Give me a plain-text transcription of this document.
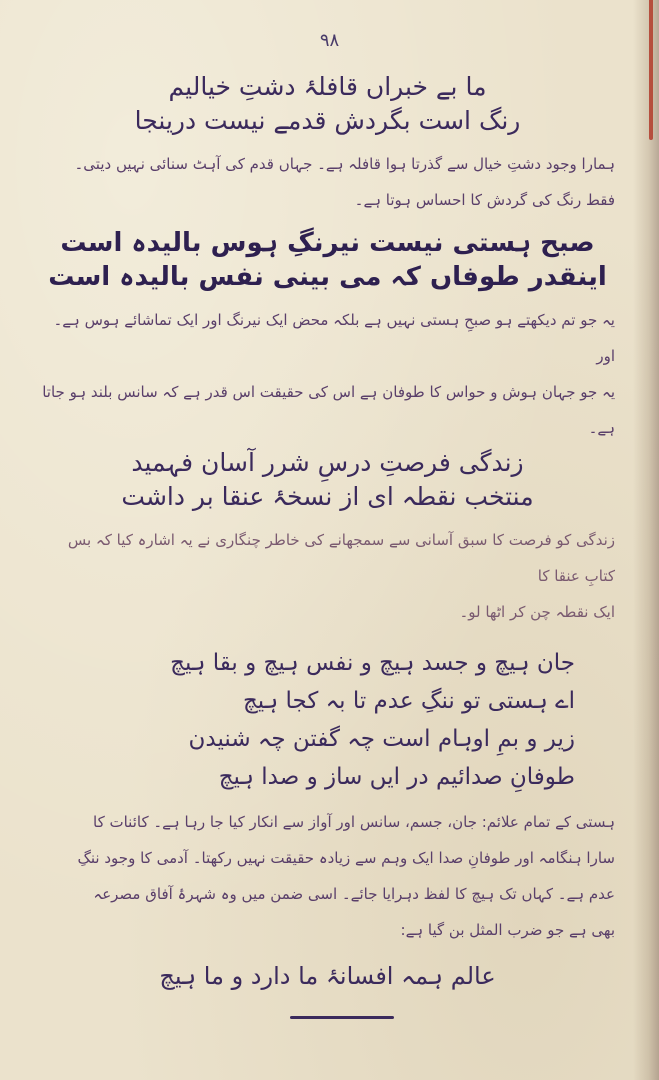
۹۸

ما بے خبراں قافلۂ دشتِ خیالیم

رنگ است بگردش قدمے نیست درینجا

ہمارا وجود دشتِ خیال سے گذرتا ہوا قافلہ ہے۔ جہاں قدم کی آہٹ سنائی نہیں دیتی۔

فقط رنگ کی گردش کا احساس ہوتا ہے۔

صبح ہستی نیست نیرنگِ ہوس بالیدہ است

اینقدر طوفاں کہ می بینی نفس بالیدہ است

یہ جو تم دیکھتے ہو صبحِ ہستی نہیں ہے بلکہ محض ایک نیرنگ اور ایک تماشائے ہوس ہے۔ اور

یہ جو جہان ہوش و حواس کا طوفان ہے اس کی حقیقت اس قدر ہے کہ سانس بلند ہو جاتا ہے۔

زندگی فرصتِ درسِ شرر آسان فہمید

منتخب نقطہ ای از نسخۂ عنقا بر داشت

زندگی کو فرصت کا سبق آسانی سے سمجھانے کی خاطر چنگاری نے یہ اشارہ کیا کہ بس کتابِ عنقا کا

ایک نقطہ چن کر اٹھا لو۔

جان ہیچ و جسد ہیچ و نفس ہیچ و بقا ہیچ

اے ہستی تو ننگِ عدم تا بہ کجا ہیچ

زیر و بمِ اوہام است چہ گفتن چہ شنیدن

طوفانِ صدائیم در ایں ساز و صدا ہیچ

ہستی کے تمام علائم: جان، جسم، سانس اور آواز سے انکار کیا جا رہا ہے۔ کائنات کا

سارا ہنگامہ اور طوفانِ صدا ایک وہم سے زیادہ حقیقت نہیں رکھتا۔ آدمی کا وجود ننگِ

عدم ہے۔ کہاں تک ہیچ کا لفظ دہرایا جائے۔ اسی ضمن میں وہ شہرۂ آفاق مصرعہ

بھی ہے جو ضرب المثل بن گیا ہے:

عالم ہمہ افسانۂ ما دارد و ما ہیچ
